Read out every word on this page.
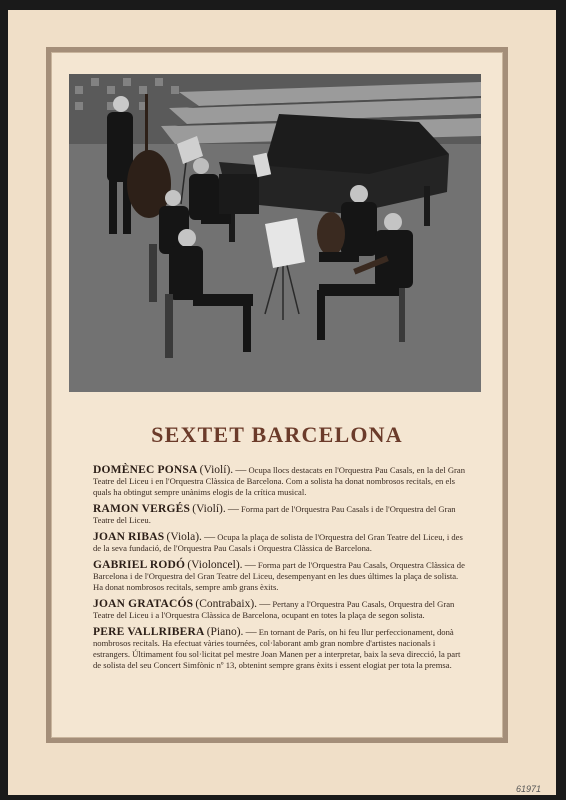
SEXTET BARCELONA

DOMÈNEC PONSA (Violí). — Ocupa llocs destacats en l'Orquestra Pau Casals, en la del Gran Teatre del Liceu i en l'Orquestra Clàssica de Barcelona. Com a solista ha donat nombrosos recitals, en els quals ha obtingut sempre unànims elogis de la crítica musical.

RAMON VERGÉS (Violí). — Forma part de l'Orquestra Pau Casals i de l'Orquestra del Gran Teatre del Liceu.

JOAN RIBAS (Viola). — Ocupa la plaça de solista de l'Orquestra del Gran Teatre del Liceu, i des de la seva fundació, de l'Orquestra Pau Casals i Orquestra Clàssica de Barcelona.

GABRIEL RODÓ (Violoncel). — Forma part de l'Orquestra Pau Casals, Orquestra Clàssica de Barcelona i de l'Orquestra del Gran Teatre del Liceu, desempenyant en les dues últimes la plaça de solista. Ha donat nombrosos recitals, sempre amb grans èxits.

JOAN GRATACÓS (Contrabaix). — Pertany a l'Orquestra Pau Casals, Orquestra del Gran Teatre del Liceu i a l'Orquestra Clàssica de Barcelona, ocupant en totes la plaça de segon solista.

PERE VALLRIBERA (Piano). — En tornant de París, on hi feu llur perfeccionament, donà nombrosos recitals. Ha efectuat vàries tournées, col·laborant amb gran nombre d'artistes nacionals i estrangers. Últimament fou sol·licitat pel mestre Joan Manen per a interpretar, baix la seva direcció, la part de solista del seu Concert Simfònic nº 13, obtenint sempre grans èxits i essent elogiat per tota la premsa.

61971
